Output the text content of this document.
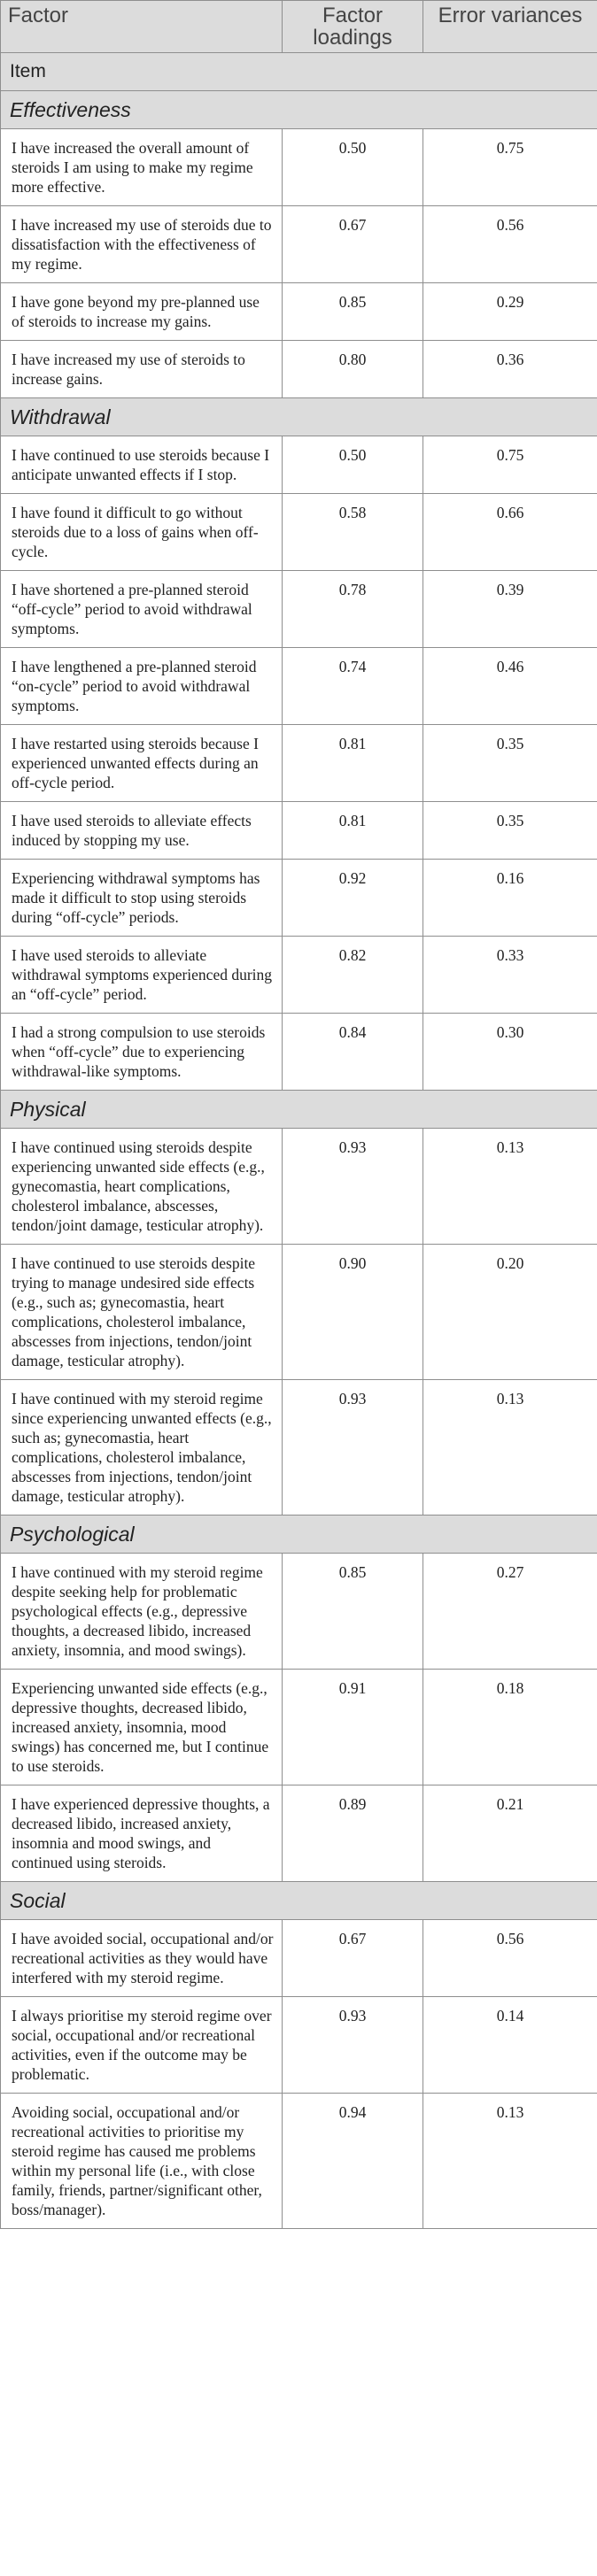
Factor	Factor loadings	Error variances
Item		
Effectiveness		
I have increased the overall amount of steroids I am using to make my regime more effective.	0.50	0.75
I have increased my use of steroids due to dissatisfaction with the effectiveness of my regime.	0.67	0.56
I have gone beyond my pre-planned use of steroids to increase my gains.	0.85	0.29
I have increased my use of steroids to increase gains.	0.80	0.36
Withdrawal		
I have continued to use steroids because I anticipate unwanted effects if I stop.	0.50	0.75
I have found it difficult to go without steroids due to a loss of gains when off-cycle.	0.58	0.66
I have shortened a pre-planned steroid “off-cycle” period to avoid withdrawal symptoms.	0.78	0.39
I have lengthened a pre-planned steroid “on-cycle” period to avoid withdrawal symptoms.	0.74	0.46
I have restarted using steroids because I experienced unwanted effects during an off-cycle period.	0.81	0.35
I have used steroids to alleviate effects induced by stopping my use.	0.81	0.35
Experiencing withdrawal symptoms has made it difficult to stop using steroids during “off-cycle” periods.	0.92	0.16
I have used steroids to alleviate withdrawal symptoms experienced during an “off-cycle” period.	0.82	0.33
I had a strong compulsion to use steroids when “off-cycle” due to experiencing withdrawal-like symptoms.	0.84	0.30
Physical		
I have continued using steroids despite experiencing unwanted side effects (e.g., gynecomastia, heart complications, cholesterol imbalance, abscesses, tendon/joint damage, testicular atrophy).	0.93	0.13
I have continued to use steroids despite trying to manage undesired side effects (e.g., such as; gynecomastia, heart complications, cholesterol imbalance, abscesses from injections, tendon/joint damage, testicular atrophy).	0.90	0.20
I have continued with my steroid regime since experiencing unwanted effects (e.g., such as; gynecomastia, heart complications, cholesterol imbalance, abscesses from injections, tendon/joint damage, testicular atrophy).	0.93	0.13
Psychological		
I have continued with my steroid regime despite seeking help for problematic psychological effects (e.g., depressive thoughts, a decreased libido, increased anxiety, insomnia, and mood swings).	0.85	0.27
Experiencing unwanted side effects (e.g., depressive thoughts, decreased libido, increased anxiety, insomnia, mood swings) has concerned me, but I continue to use steroids.	0.91	0.18
I have experienced depressive thoughts, a decreased libido, increased anxiety, insomnia and mood swings, and continued using steroids.	0.89	0.21
Social		
I have avoided social, occupational and/or recreational activities as they would have interfered with my steroid regime.	0.67	0.56
I always prioritise my steroid regime over social, occupational and/or recreational activities, even if the outcome may be problematic.	0.93	0.14
Avoiding social, occupational and/or recreational activities to prioritise my steroid regime has caused me problems within my personal life (i.e., with close family, friends, partner/significant other, boss/manager).	0.94	0.13
